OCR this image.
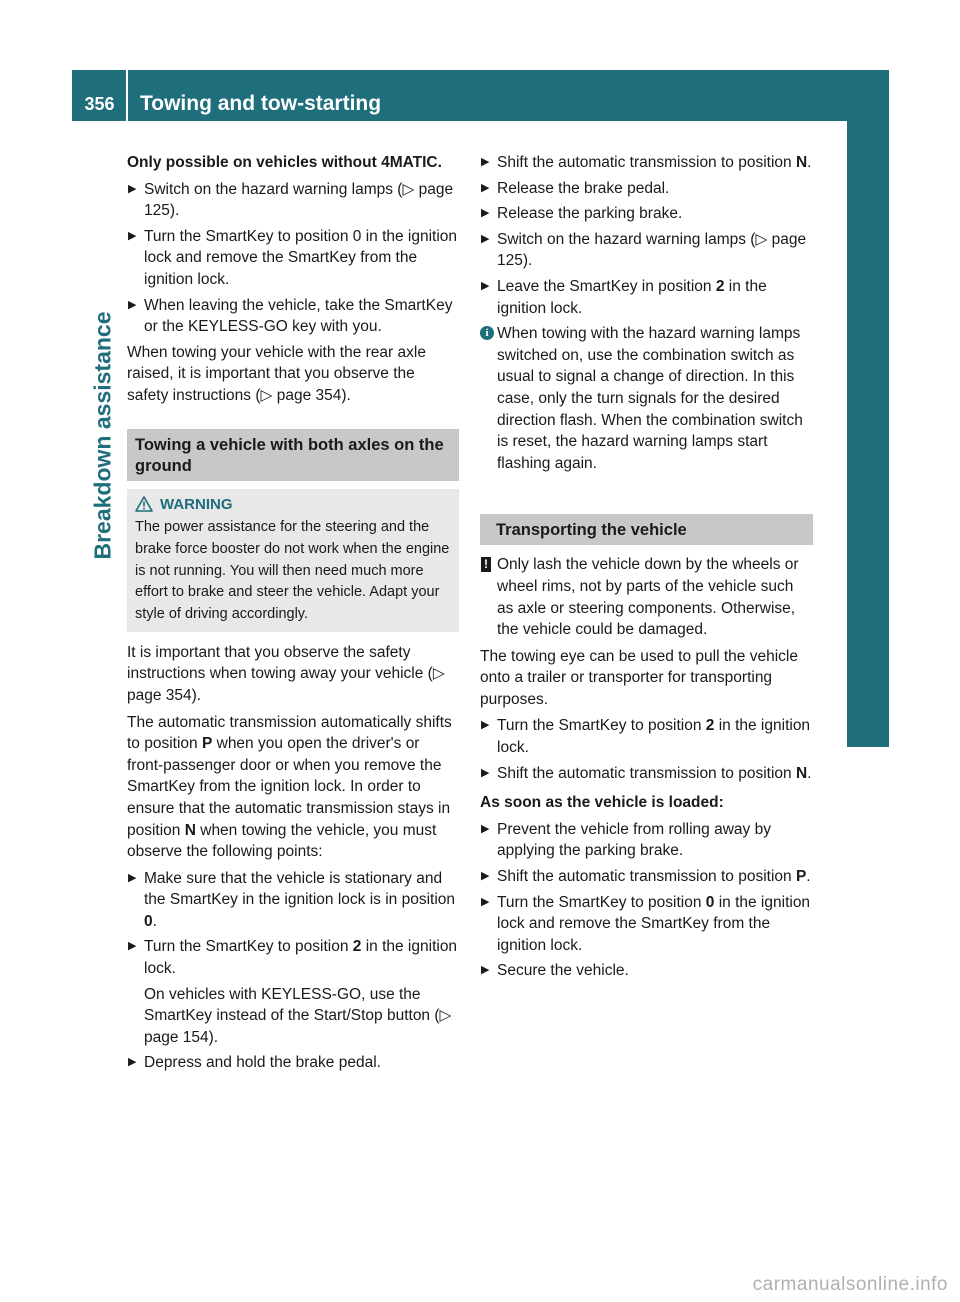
356	Towing and tow-starting
Breakdown assistance

Only possible on vehicles without 4MATIC.

▶ Switch on the hazard warning lamps (▷ page 125).
▶ Turn the SmartKey to position 0 in the ignition lock and remove the SmartKey from the ignition lock.
▶ When leaving the vehicle, take the SmartKey or the KEYLESS-GO key with you.

When towing your vehicle with the rear axle raised, it is important that you observe the safety instructions (▷ page 354).

Towing a vehicle with both axles on the ground
WARNING
The power assistance for the steering and the brake force booster do not work when the engine is not running. You will then need much more effort to brake and steer the vehicle. Adapt your style of driving accordingly.

It is important that you observe the safety instructions when towing away your vehicle (▷ page 354).

The automatic transmission automatically shifts to position P when you open the driver's or front-passenger door or when you remove the SmartKey from the ignition lock. In order to ensure that the automatic transmission stays in position N when towing the vehicle, you must observe the following points:

▶ Make sure that the vehicle is stationary and the SmartKey in the ignition lock is in position 0.
▶ Turn the SmartKey to position 2 in the ignition lock.
On vehicles with KEYLESS-GO, use the SmartKey instead of the Start/Stop button (▷ page 154).
▶ Depress and hold the brake pedal.
▶ Shift the automatic transmission to position N.
▶ Release the brake pedal.
▶ Release the parking brake.
▶ Switch on the hazard warning lamps (▷ page 125).
▶ Leave the SmartKey in position 2 in the ignition lock.
i When towing with the hazard warning lamps switched on, use the combination switch as usual to signal a change of direction. In this case, only the turn signals for the desired direction flash. When the combination switch is reset, the hazard warning lamps start flashing again.
Transporting the vehicle
! Only lash the vehicle down by the wheels or wheel rims, not by parts of the vehicle such as axle or steering components. Otherwise, the vehicle could be damaged.

The towing eye can be used to pull the vehicle onto a trailer or transporter for transporting purposes.

▶ Turn the SmartKey to position 2 in the ignition lock.
▶ Shift the automatic transmission to position N.

As soon as the vehicle is loaded:

▶ Prevent the vehicle from rolling away by applying the parking brake.
▶ Shift the automatic transmission to position P.
▶ Turn the SmartKey to position 0 in the ignition lock and remove the SmartKey from the ignition lock.
▶ Secure the vehicle.
carmanualsonline.info
